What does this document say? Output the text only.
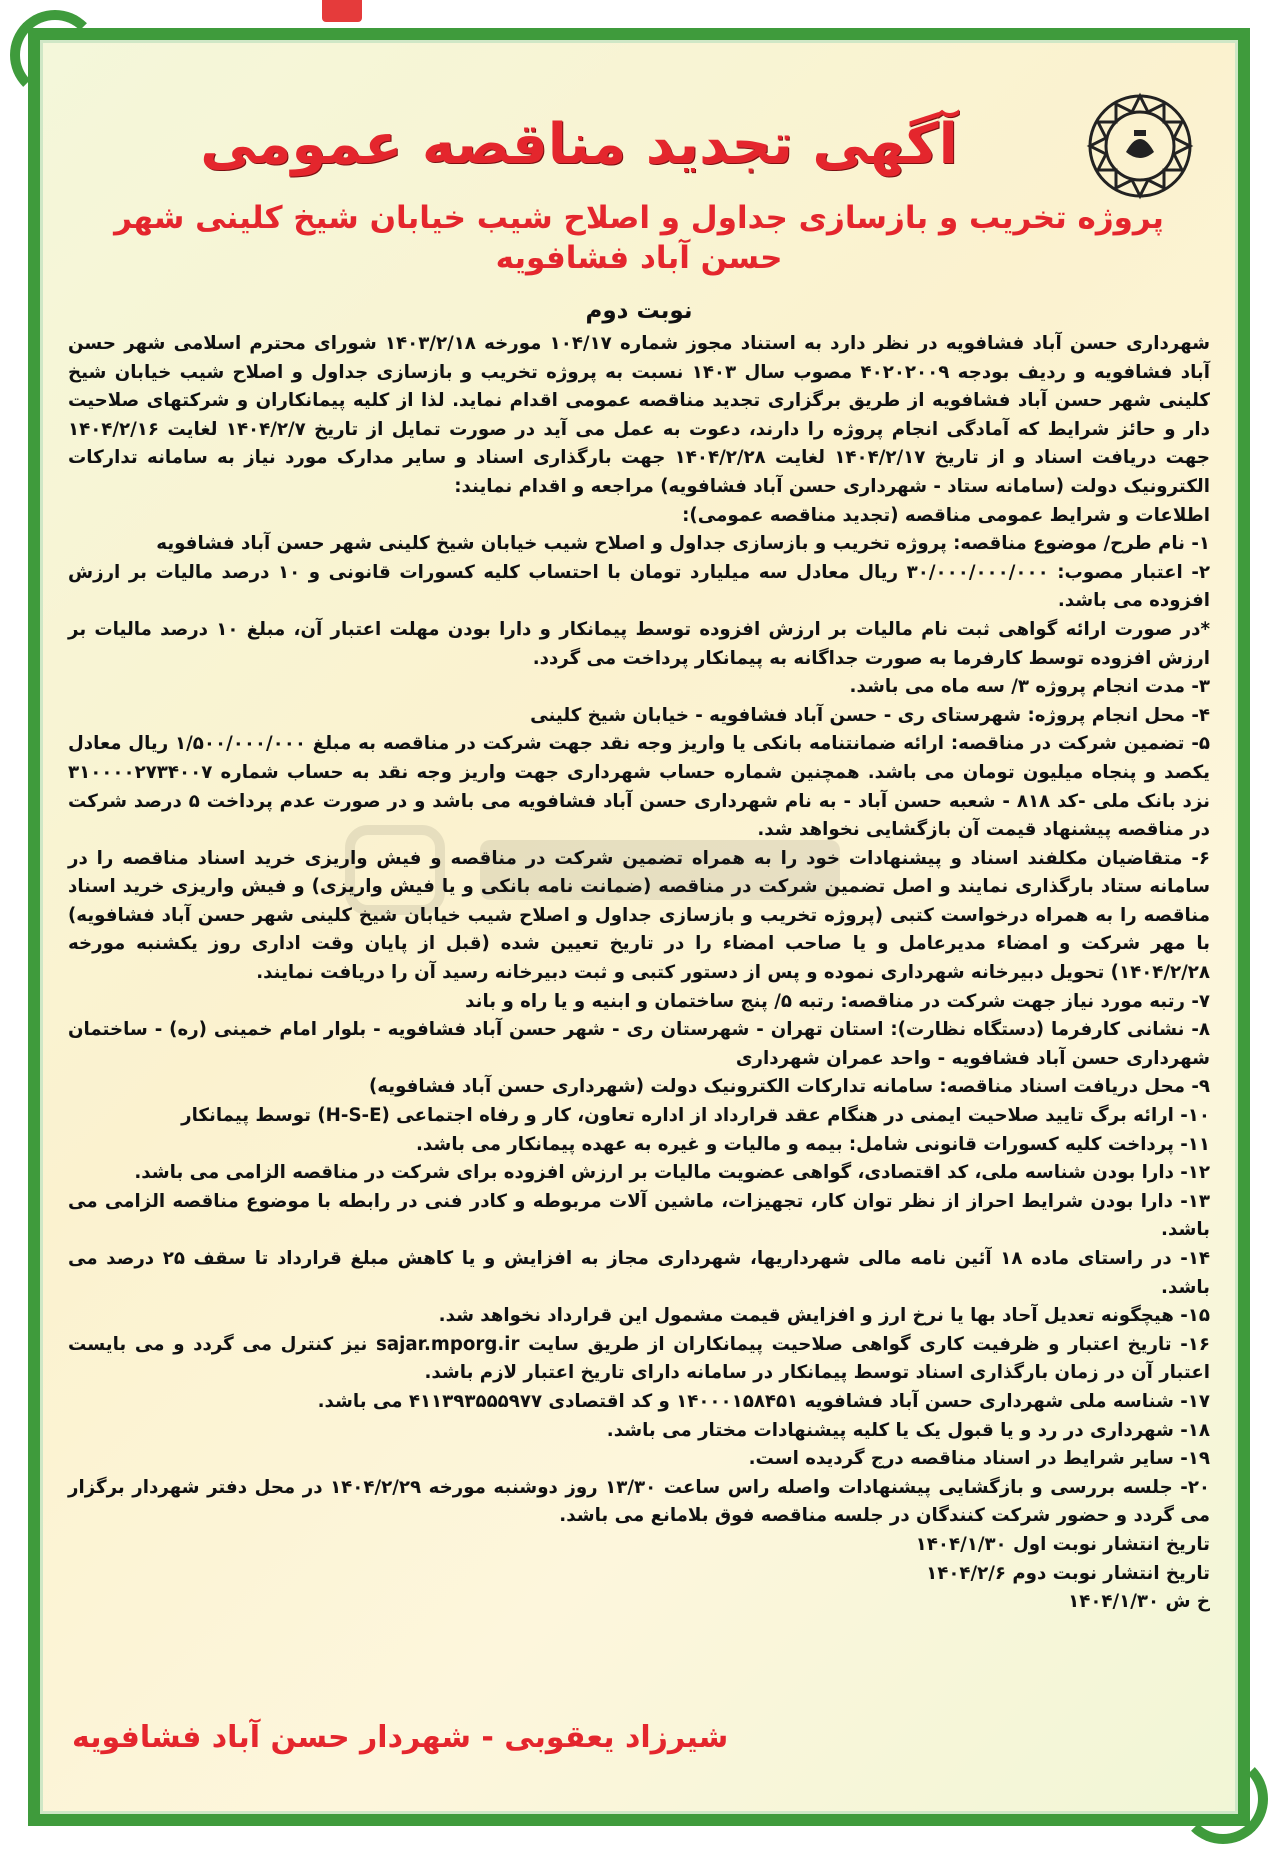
آگهی تجدید مناقصه عمومی
پروژه تخریب و بازسازی جداول و اصلاح شیب خیابان شیخ کلینی شهر حسن آباد فشافویه
نوبت دوم

شهرداری حسن آباد فشافویه در نظر دارد به استناد مجوز شماره ۱۰۴/۱۷ مورخه ۱۴۰۳/۲/۱۸ شورای محترم اسلامی شهر حسن آباد فشافویه و ردیف بودجه ۴۰۲۰۲۰۰۹ مصوب سال ۱۴۰۳ نسبت به پروژه تخریب و بازسازی جداول و اصلاح شیب خیابان شیخ کلینی شهر حسن آباد فشافویه از طریق برگزاری تجدید مناقصه عمومی اقدام نماید. لذا از کلیه پیمانکاران و شرکتهای صلاحیت دار و حائز شرایط که آمادگی انجام پروژه را دارند، دعوت به عمل می آید در صورت تمایل از تاریخ ۱۴۰۴/۲/۷ لغایت ۱۴۰۴/۲/۱۶ جهت دریافت اسناد و از تاریخ ۱۴۰۴/۲/۱۷ لغایت ۱۴۰۴/۲/۲۸ جهت بارگذاری اسناد و سایر مدارک مورد نیاز به سامانه تدارکات الکترونیک دولت (سامانه ستاد - شهرداری حسن آباد فشافویه) مراجعه و اقدام نمایند:

اطلاعات و شرایط عمومی مناقصه (تجدید مناقصه عمومی):

۱- نام طرح/ موضوع مناقصه: پروژه تخریب و بازسازی جداول و اصلاح شیب خیابان شیخ کلینی شهر حسن آباد فشافویه
۲- اعتبار مصوب: ۳۰/۰۰۰/۰۰۰/۰۰۰ ریال معادل سه میلیارد تومان با احتساب کلیه کسورات قانونی و ۱۰ درصد مالیات بر ارزش افزوده می باشد.
*در صورت ارائه گواهی ثبت نام مالیات بر ارزش افزوده توسط پیمانکار و دارا بودن مهلت اعتبار آن، مبلغ ۱۰ درصد مالیات بر ارزش افزوده توسط کارفرما به صورت جداگانه به پیمانکار پرداخت می گردد.
۳- مدت انجام پروژه ۳/ سه ماه می باشد.
۴- محل انجام پروژه: شهرستای ری - حسن آباد فشافویه - خیابان شیخ کلینی
۵- تضمین شرکت در مناقصه: ارائه ضمانتنامه بانکی یا واریز وجه نقد جهت شرکت در مناقصه به مبلغ ۱/۵۰۰/۰۰۰/۰۰۰ ریال معادل یکصد و پنجاه میلیون تومان می باشد. همچنین شماره حساب شهرداری جهت واریز وجه نقد به حساب شماره ۳۱۰۰۰۰۲۷۳۴۰۰۷ نزد بانک ملی -کد ۸۱۸ - شعبه حسن آباد - به نام شهرداری حسن آباد فشافویه می باشد و در صورت عدم پرداخت ۵ درصد شرکت در مناقصه پیشنهاد قیمت آن بازگشایی نخواهد شد.
۶- متقاضیان مکلفند اسناد و پیشنهادات خود را به همراه تضمین شرکت در مناقصه و فیش واریزی خرید اسناد مناقصه را در سامانه ستاد بارگذاری نمایند و اصل تضمین شرکت در مناقصه (ضمانت نامه بانکی و یا فیش واریزی) و فیش واریزی خرید اسناد مناقصه را به همراه درخواست کتبی (پروژه تخریب و بازسازی جداول و اصلاح شیب خیابان شیخ کلینی شهر حسن آباد فشافویه) با مهر شرکت و امضاء مدیرعامل و یا صاحب امضاء را در تاریخ تعیین شده (قبل از پایان وقت اداری روز یکشنبه مورخه ۱۴۰۴/۲/۲۸) تحویل دبیرخانه شهرداری نموده و پس از دستور کتبی و ثبت دبیرخانه رسید آن را دریافت نمایند.
۷- رتبه مورد نیاز جهت شرکت در مناقصه: رتبه ۵/ پنج ساختمان و ابنیه و یا راه و باند
۸- نشانی کارفرما (دستگاه نظارت): استان تهران - شهرستان ری - شهر حسن آباد فشافویه - بلوار امام خمینی (ره) - ساختمان شهرداری حسن آباد فشافویه - واحد عمران شهرداری
۹- محل دریافت اسناد مناقصه: سامانه تدارکات الکترونیک دولت (شهرداری حسن آباد فشافویه)
۱۰- ارائه برگ تایید صلاحیت ایمنی در هنگام عقد قرارداد از اداره تعاون، کار و رفاه اجتماعی (H-S-E) توسط پیمانکار
۱۱- پرداخت کلیه کسورات قانونی شامل: بیمه و مالیات و غیره به عهده پیمانکار می باشد.
۱۲- دارا بودن شناسه ملی، کد اقتصادی، گواهی عضویت مالیات بر ارزش افزوده برای شرکت در مناقصه الزامی می باشد.
۱۳- دارا بودن شرایط احراز از نظر توان کار، تجهیزات، ماشین آلات مربوطه و کادر فنی در رابطه با موضوع مناقصه الزامی می باشد.
۱۴- در راستای ماده ۱۸ آئین نامه مالی شهرداریها، شهرداری مجاز به افزایش و یا کاهش مبلغ قرارداد تا سقف ۲۵ درصد می باشد.
۱۵- هیچگونه تعدیل آحاد بها یا نرخ ارز و افزایش قیمت مشمول این قرارداد نخواهد شد.
۱۶- تاریخ اعتبار و ظرفیت کاری گواهی صلاحیت پیمانکاران از طریق سایت sajar.mporg.ir نیز کنترل می گردد و می بایست اعتبار آن در زمان بارگذاری اسناد توسط پیمانکار در سامانه دارای تاریخ اعتبار لازم باشد.
۱۷- شناسه ملی شهرداری حسن آباد فشافویه ۱۴۰۰۰۱۵۸۴۵۱ و کد اقتصادی ۴۱۱۳۹۳۵۵۵۹۷۷ می باشد.
۱۸- شهرداری در رد و یا قبول یک یا کلیه پیشنهادات مختار می باشد.
۱۹- سایر شرایط در اسناد مناقصه درج گردیده است.
۲۰- جلسه بررسی و بازگشایی پیشنهادات واصله راس ساعت ۱۳/۳۰ روز دوشنبه مورخه ۱۴۰۴/۲/۲۹ در محل دفتر شهردار برگزار می گردد و حضور شرکت کنندگان در جلسه مناقصه فوق بلامانع می باشد.

تاریخ انتشار نوبت اول ۱۴۰۴/۱/۳۰

تاریخ انتشار نوبت دوم ۱۴۰۴/۲/۶

خ ش ۱۴۰۴/۱/۳۰

شیرزاد یعقوبی - شهردار حسن آباد فشافویه
